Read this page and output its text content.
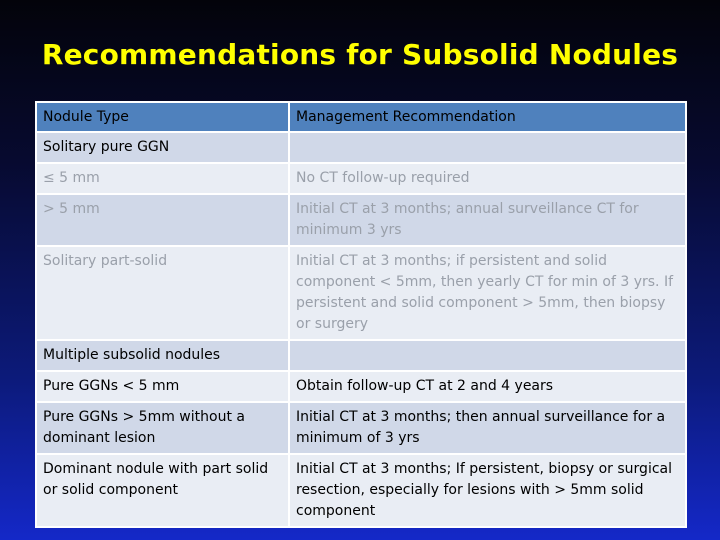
Recommendations for Subsolid Nodules
Nodule Type	Management Recommendation
Solitary pure GGN	
≤ 5 mm	No CT follow-up required
> 5 mm	Initial CT at 3 months; annual surveillance CT for minimum 3 yrs
Solitary part-solid	Initial CT at 3 months; if persistent and solid component < 5mm, then yearly CT for min of 3 yrs. If persistent and solid component > 5mm, then biopsy or surgery
Multiple subsolid nodules	
Pure GGNs < 5 mm	Obtain follow-up CT at 2 and 4 years
Pure GGNs > 5mm without a dominant lesion	Initial CT at 3 months; then annual surveillance for a minimum of 3 yrs
Dominant nodule with part solid or solid component	Initial CT at 3 months; If persistent, biopsy or surgical resection, especially for lesions with > 5mm solid component
